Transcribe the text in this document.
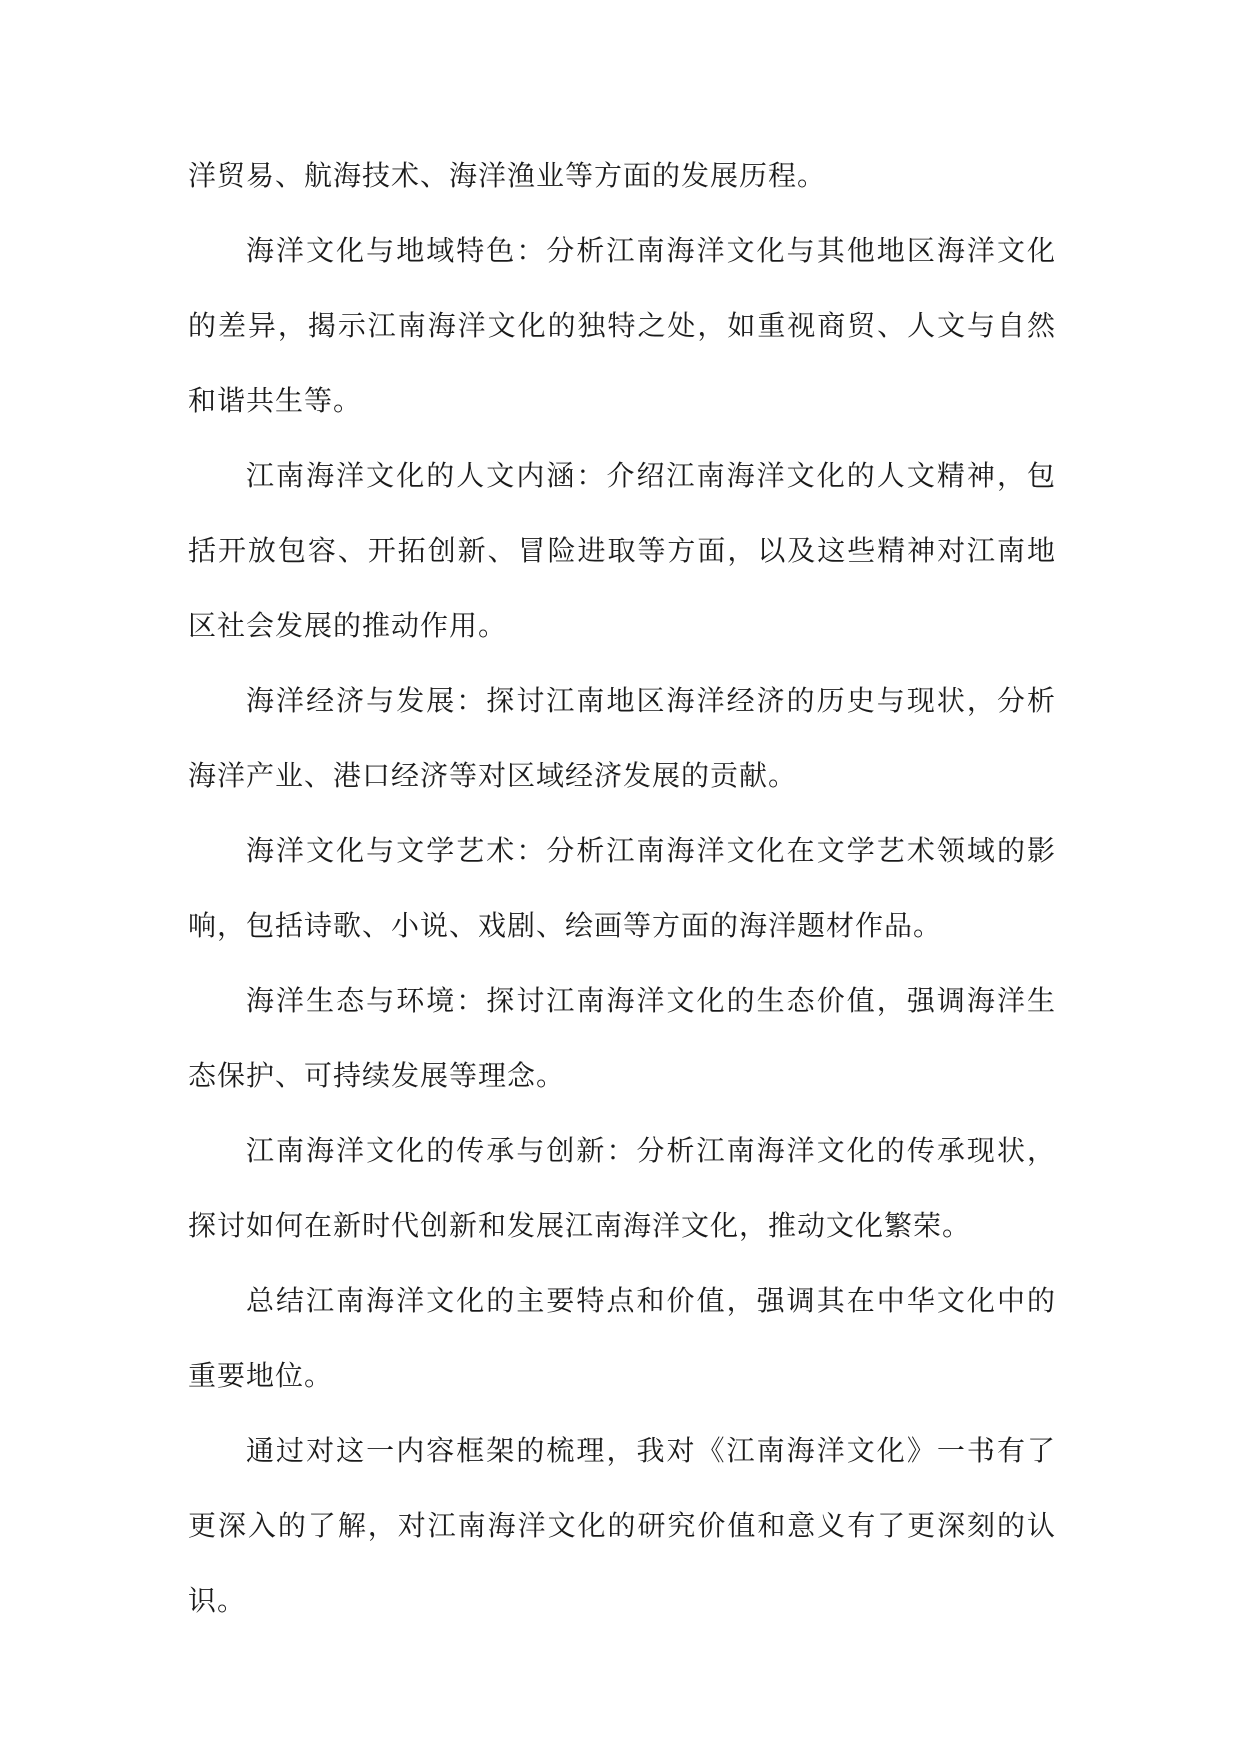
洋贸易、航海技术、海洋渔业等方面的发展历程。

海洋文化与地域特色：分析江南海洋文化与其他地区海洋文化的差异，揭示江南海洋文化的独特之处，如重视商贸、人文与自然和谐共生等。

江南海洋文化的人文内涵：介绍江南海洋文化的人文精神，包括开放包容、开拓创新、冒险进取等方面，以及这些精神对江南地区社会发展的推动作用。

海洋经济与发展：探讨江南地区海洋经济的历史与现状，分析海洋产业、港口经济等对区域经济发展的贡献。

海洋文化与文学艺术：分析江南海洋文化在文学艺术领域的影响，包括诗歌、小说、戏剧、绘画等方面的海洋题材作品。

海洋生态与环境：探讨江南海洋文化的生态价值，强调海洋生态保护、可持续发展等理念。

江南海洋文化的传承与创新：分析江南海洋文化的传承现状，探讨如何在新时代创新和发展江南海洋文化，推动文化繁荣。

总结江南海洋文化的主要特点和价值，强调其在中华文化中的重要地位。

通过对这一内容框架的梳理，我对《江南海洋文化》一书有了更深入的了解，对江南海洋文化的研究价值和意义有了更深刻的认识。
